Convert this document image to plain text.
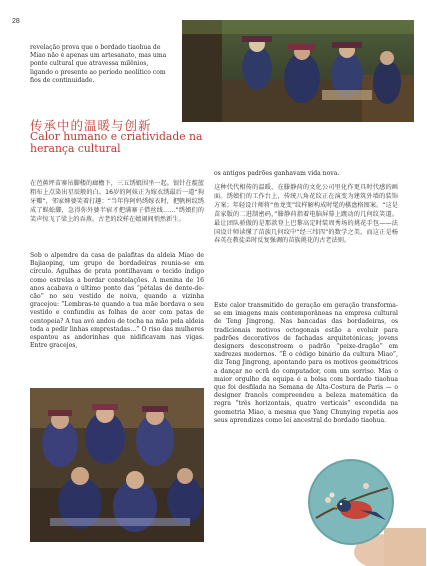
28

revelação prova que o bordado tiaohua de Miao não é apenas um artesanato, mas uma ponte cultural que atravessa milênios, ligando o presente ao período neolítico com fios de continuidade.

传承中的温暖与创新

Calor humano e criatividade na herança cultural

在芭蕉坪苗寨吊脚楼的廊檐下，三五绣娘围坐一起。银针在靛蓝粗布上点染出星辰般的白。16岁的阿妹正为嫁衣绣最后一道“狗牙瓣”，邻家婶婆笑着打趣：“当年你阿妈绣嫁衣时，把帆树纹绣成了蜈蚣脚，急得你外婆半宿才把满寨子借丝线……”绣娘们的笑声惊飞了梁上的吞燕。古老的纹样在嬉闹间悄然新生。

Sob o alpendre da casa de palafitas da aldeia Miao de Bajiaoping, um grupo de bordadeiras reunia-se em círculo. Agulhas de prata pontilhavam o tecido índigo como estrelas a bordar constelações. A menina de 16 anos acabava o último ponto das “pétalas de dente-de-cão” no seu vestido de noiva, quando a vizinha gracejou: “Lembras-te quando a tua mãe bordava o seu vestido e confundiu as folhas de acer com patas de centopeia? A tua avó andou de tocha na mão pela aldeia toda a pedir linhas emprestadas…” O riso das mulheres espantou as andorinhas que nidificavam nas vigas. Entre gracejos,

os antigos padrões ganhavam vida nova.

这种代代相传的温暖，在滕静荷的文化公司里化作更具时代感的画面。绣娘们的工作台上，传统八角花纹正在演变为建筑外墙的装饰方案；年轻设计师将“鱼龙变”纹样解构成时髦的棋盘格图案。“这是苗家版的二进制密码，”滕静荷指着电脑屏幕上跳动的几何纹笑道。最让团队骄傲的是那款登上巴黎高定时装周秀场的挑花手包——法国设计师读懂了苗族几何纹中“经三纬四”的数学之美，而这正是杨春英在教徒弟时反复强调的苗族挑花的古老法则。

Este calor transmitido de geração em geração transforma-se em imagens mais contemporâneas na empresa cultural de Teng Jingrong. Nas bancadas das bordadeiras, os tradicionais motivos octogonais estão a evoluir para padrões decorativos de fachadas arquitetónicas; jovens designers desconstroem o padrão “peixe-dragão” em xadrezes modernos. “É o código binário da cultura Miao”, diz Teng Jingrong, apontando para os motivos geométricos a dançar no ecrã do computador, com um sorriso. Mas o maior orgulho da equipa é a bolsa com bordado tiaohua que foi desfilada na Semana de Alta-Costura de Paris — o designer francês compreendeu a beleza matemática da regra “três horizontais, quatro verticais” escondida na geometria Miao, a mesma que Yang Chunying repetia aos seus aprendizes como lei ancestral do bordado tiaohua.
